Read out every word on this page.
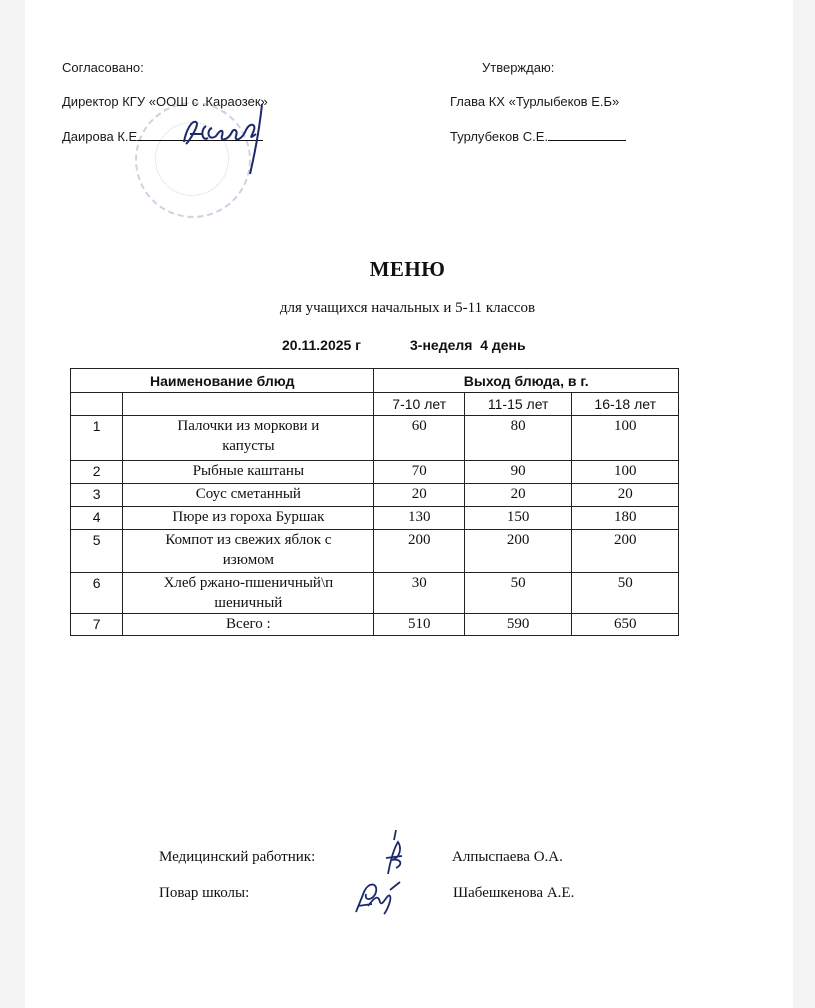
Согласовано:
Директор КГУ «ООШ с .Караозек»
Даирова К.Е
Утверждаю:
Глава КХ «Турлыбеков Е.Б»
Турлубеков С.Е.
МЕНЮ
для учащихся начальных и 5-11 классов
20.11.2025 г	3-неделя  4 день
Наименование блюд		Выход блюда, в г.		
		7-10 лет	11-15 лет	16-18 лет
1	Палочки из моркови и капусты	60	80	100
2	Рыбные каштаны	70	90	100
3	Соус сметанный	20	20	20
4	Пюре из гороха Буршак	130	150	180
5	Компот из свежих яблок с изюмом	200	200	200
6	Хлеб ржано-пшеничный\пшеничный	30	50	50
7	Всего :	510	590	650
Медицинский работник:	Алпыспаева О.А.
Повар школы:	Шабешкенова А.Е.
